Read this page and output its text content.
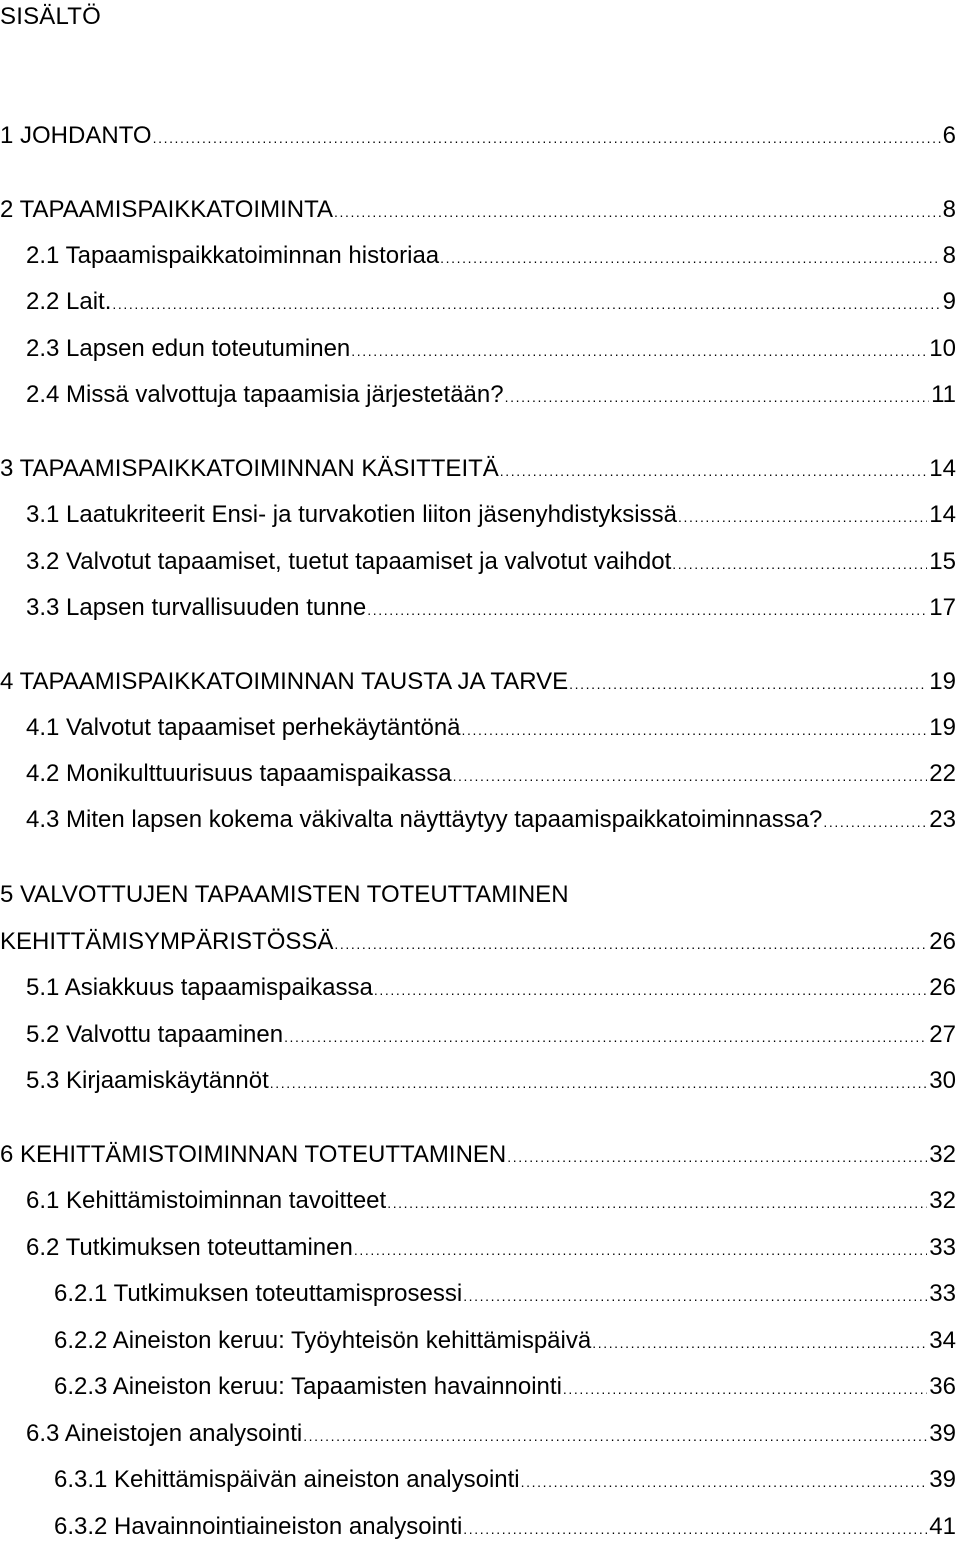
SISÄLTÖ
1 JOHDANTO .....	6
2 TAPAAMISPAIKKATOIMINTA .....	8
2.1 Tapaamispaikkatoiminnan historiaa .....	8
2.2 Lait. .....	9
2.3 Lapsen edun toteutuminen .....	10
2.4 Missä valvottuja tapaamisia järjestetään? .....	11
3 TAPAAMISPAIKKATOIMINNAN KÄSITTEITÄ .....	14
3.1 Laatukriteerit Ensi- ja turvakotien liiton jäsenyhdistyksissä .....	14
3.2 Valvotut tapaamiset, tuetut tapaamiset ja valvotut vaihdot .....	15
3.3 Lapsen turvallisuuden tunne .....	17
4 TAPAAMISPAIKKATOIMINNAN TAUSTA JA TARVE .....	19
4.1 Valvotut tapaamiset perhekäytäntönä .....	19
4.2 Monikulttuurisuus tapaamispaikassa .....	22
4.3 Miten lapsen kokema väkivalta näyttäytyy tapaamispaikkatoiminnassa? .....	23
5 VALVOTTUJEN TAPAAMISTEN TOTEUTTAMINEN
KEHITTÄMISYMPÄRISTÖSSÄ .....	26
5.1 Asiakkuus tapaamispaikassa .....	26
5.2 Valvottu tapaaminen .....	27
5.3 Kirjaamiskäytännöt .....	30
6 KEHITTÄMISTOIMINNAN TOTEUTTAMINEN .....	32
6.1 Kehittämistoiminnan tavoitteet .....	32
6.2 Tutkimuksen toteuttaminen .....	33
6.2.1 Tutkimuksen toteuttamisprosessi .....	33
6.2.2 Aineiston keruu: Työyhteisön kehittämispäivä .....	34
6.2.3 Aineiston keruu: Tapaamisten havainnointi .....	36
6.3 Aineistojen analysointi .....	39
6.3.1 Kehittämispäivän aineiston analysointi .....	39
6.3.2 Havainnointiaineiston analysointi .....	41
